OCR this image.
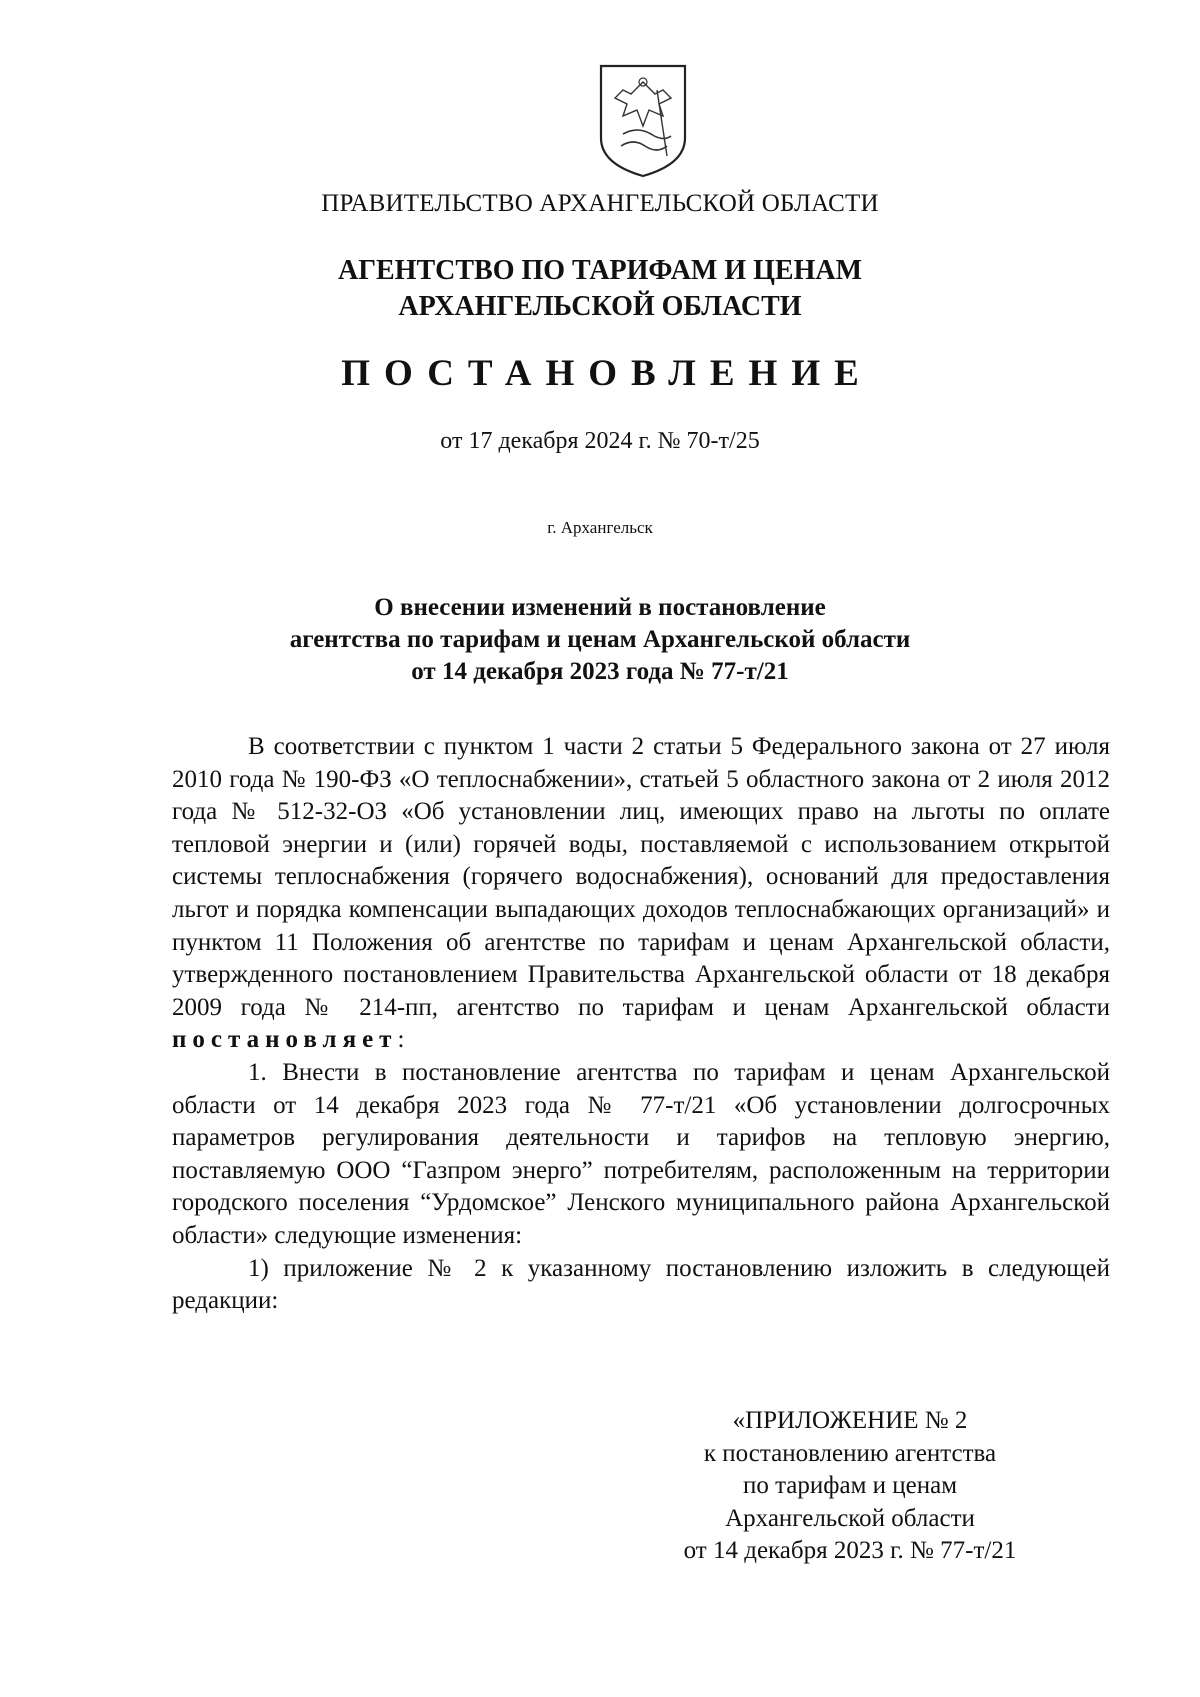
ПРАВИТЕЛЬСТВО АРХАНГЕЛЬСКОЙ ОБЛАСТИ
АГЕНТСТВО ПО ТАРИФАМ И ЦЕНАМ
АРХАНГЕЛЬСКОЙ ОБЛАСТИ
ПОСТАНОВЛЕНИЕ
от 17 декабря 2024 г. № 70-т/25
г. Архангельск
О внесении изменений в постановление
агентства по тарифам и ценам Архангельской области
от 14 декабря 2023 года № 77-т/21

В соответствии с пунктом 1 части 2 статьи 5 Федерального закона от 27 июля 2010 года № 190-ФЗ «О теплоснабжении», статьей 5 областного закона от 2 июля 2012 года № 512-32-ОЗ «Об установлении лиц, имеющих право на льготы по оплате тепловой энергии и (или) горячей воды, поставляемой с использованием открытой системы теплоснабжения (горячего водоснабжения), оснований для предоставления льгот и порядка компенсации выпадающих доходов теплоснабжающих организаций» и пунктом 11 Положения об агентстве по тарифам и ценам Архангельской области, утвержденного постановлением Правительства Архангельской области от 18 декабря 2009 года № 214-пп, агентство по тарифам и ценам Архангельской области постановляет:

1. Внести в постановление агентства по тарифам и ценам Архангельской области от 14 декабря 2023 года № 77-т/21 «Об установлении долгосрочных параметров регулирования деятельности и тарифов на тепловую энергию, поставляемую ООО “Газпром энерго” потребителям, расположенным на территории городского поселения “Урдомское” Ленского муниципального района Архангельской области» следующие изменения:

1) приложение № 2 к указанному постановлению изложить в следующей редакции:

«ПРИЛОЖЕНИЕ № 2
к постановлению агентства
по тарифам и ценам
Архангельской области
от 14 декабря 2023 г. № 77-т/21
